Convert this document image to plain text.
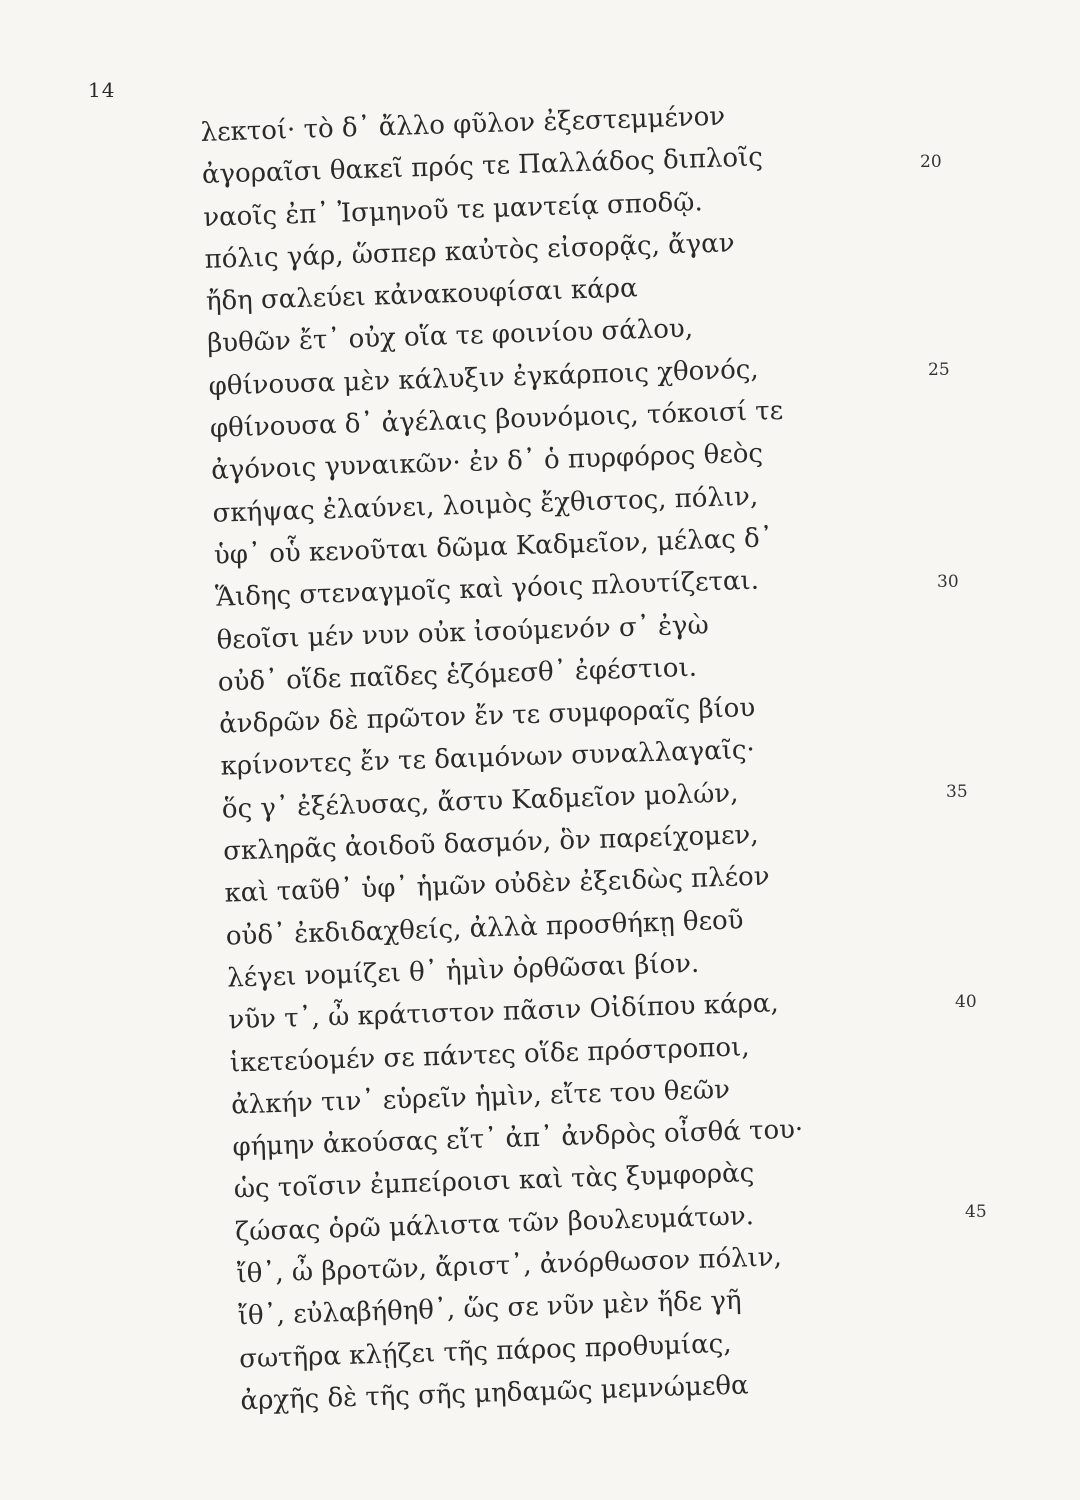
14
λεκτοί· τὸ δ᾽ ἄλλο φῦλον ἐξεστεμμένον
ἀγοραῖσι θακεῖ πρός τε Παλλάδος διπλοῖς
ναοῖς ἐπ᾽ Ἰσμηνοῦ τε μαντείᾳ σποδῷ.
πόλις γάρ, ὥσπερ καὐτὸς εἰσορᾷς, ἄγαν
ἤδη σαλεύει κἀνακουφίσαι κάρα
βυθῶν ἔτ᾽ οὐχ οἵα τε φοινίου σάλου,
φθίνουσα μὲν κάλυξιν ἐγκάρποις χθονός,
φθίνουσα δ᾽ ἀγέλαις βουνόμοις, τόκοισί τε
ἀγόνοις γυναικῶν· ἐν δ᾽ ὁ πυρφόρος θεὸς
σκήψας ἐλαύνει, λοιμὸς ἔχθιστος, πόλιν,
ὑφ᾽ οὗ κενοῦται δῶμα Καδμεῖον, μέλας δ᾽
Ἅιδης στεναγμοῖς καὶ γόοις πλουτίζεται.
θεοῖσι μέν νυν οὐκ ἰσούμενόν σ᾽ ἐγὼ
οὐδ᾽ οἵδε παῖδες ἑζόμεσθ᾽ ἐφέστιοι.
ἀνδρῶν δὲ πρῶτον ἔν τε συμφοραῖς βίου
κρίνοντες ἔν τε δαιμόνων συναλλαγαῖς·
ὅς γ᾽ ἐξέλυσας, ἄστυ Καδμεῖον μολών,
σκληρᾶς ἀοιδοῦ δασμόν, ὃν παρείχομεν,
καὶ ταῦθ᾽ ὑφ᾽ ἡμῶν οὐδὲν ἐξειδὼς πλέον
οὐδ᾽ ἐκδιδαχθείς, ἀλλὰ προσθήκῃ θεοῦ
λέγει νομίζει θ᾽ ἡμὶν ὀρθῶσαι βίον.
νῦν τ᾽, ὦ κράτιστον πᾶσιν Οἰδίπου κάρα,
ἱκετεύομέν σε πάντες οἵδε πρόστροποι,
ἀλκήν τιν᾽ εὑρεῖν ἡμὶν, εἴτε του θεῶν
φήμην ἀκούσας εἴτ᾽ ἀπ᾽ ἀνδρὸς οἶσθά του·
ὡς τοῖσιν ἐμπείροισι καὶ τὰς ξυμφορὰς
ζώσας ὁρῶ μάλιστα τῶν βουλευμάτων.
ἴθ᾽, ὦ βροτῶν, ἄριστ᾽, ἀνόρθωσον πόλιν,
ἴθ᾽, εὐλαβήθηθ᾽, ὥς σε νῦν μὲν ἥδε γῆ
σωτῆρα κλῄζει τῆς πάρος προθυμίας,
ἀρχῆς δὲ τῆς σῆς μηδαμῶς μεμνώμεθα
20
25
30
35
40
45
